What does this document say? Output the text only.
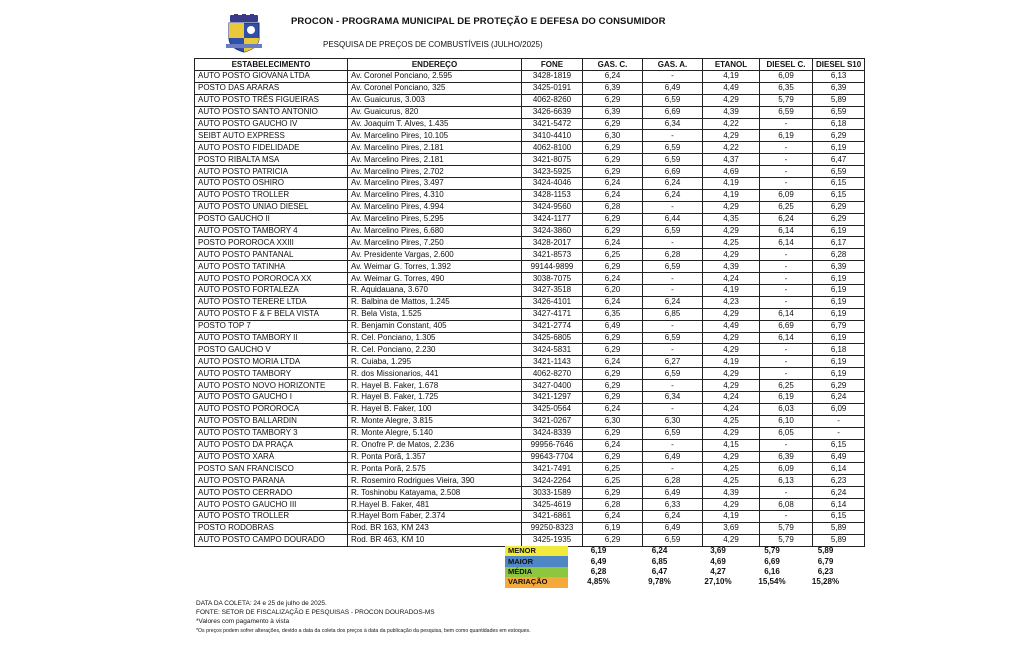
PROCON - PROGRAMA MUNICIPAL DE PROTEÇÃO E DEFESA DO CONSUMIDOR
PESQUISA DE PREÇOS DE COMBUSTÍVEIS (JULHO/2025)
ESTABELECIMENTO	ENDEREÇO	FONE	GAS. C.	GAS. A.	ETANOL	DIESEL C.	DIESEL S10
AUTO POSTO GIOVANA LTDA	Av. Coronel Ponciano, 2.595	3428-1819	6,24	-	4,19	6,09	6,13
POSTO DAS ARARAS	Av. Coronel Ponciano, 325	3425-0191	6,39	6,49	4,49	6,35	6,39
AUTO POSTO TRÊS FIGUEIRAS	Av. Guaicurus, 3.003	4062-8260	6,29	6,59	4,29	5,79	5,89
AUTO POSTO SANTO ANTONIO	Av. Guaicurus, 820	3426-6639	6,39	6,69	4,39	6,59	6,59
AUTO POSTO GAUCHO IV	Av. Joaquim T. Alves, 1.435	3421-5472	6,29	6,34	4,22	-	6,18
SEIBT AUTO EXPRESS	Av. Marcelino Pires, 10.105	3410-4410	6,30	-	4,29	6,19	6,29
AUTO POSTO FIDELIDADE	Av. Marcelino Pires, 2.181	4062-8100	6,29	6,59	4,22	-	6,19
POSTO RIBALTA MSA	Av. Marcelino Pires, 2.181	3421-8075	6,29	6,59	4,37	-	6,47
AUTO POSTO PATRICIA	Av. Marcelino Pires, 2.702	3423-5925	6,29	6,69	4,69	-	6,59
AUTO POSTO OSHIRO	Av. Marcelino Pires, 3.497	3424-4046	6,24	6,24	4,19	-	6,15
AUTO POSTO TROLLER	Av. Marcelino Pires, 4.310	3428-1153	6,24	6,24	4,19	6,09	6,15
AUTO POSTO UNIAO DIESEL	Av. Marcelino Pires, 4.994	3424-9560	6,28	-	4,29	6,25	6,29
POSTO GAUCHO II	Av. Marcelino Pires, 5.295	3424-1177	6,29	6,44	4,35	6,24	6,29
AUTO POSTO TAMBORY 4	Av. Marcelino Pires, 6.680	3424-3860	6,29	6,59	4,29	6,14	6,19
POSTO POROROCA XXIII	Av. Marcelino Pires, 7.250	3428-2017	6,24	-	4,25	6,14	6,17
AUTO POSTO PANTANAL	Av. Presidente Vargas, 2.600	3421-8573	6,25	6,28	4,29	-	6,28
AUTO POSTO TATINHA	Av. Weimar G. Torres, 1.392	99144-9899	6,29	6,59	4,39	-	6,39
AUTO POSTO POROROCA XX	Av. Weimar G. Torres, 490	3038-7075	6,24	-	4,24	-	6,19
AUTO POSTO FORTALEZA	R. Aquidauana, 3.670	3427-3518	6,20	-	4,19	-	6,19
AUTO POSTO TERERE LTDA	R. Balbina de Mattos, 1.245	3426-4101	6,24	6,24	4,23	-	6,19
AUTO POSTO F & F BELA VISTA	R. Bela Vista, 1.525	3427-4171	6,35	6,85	4,29	6,14	6,19
POSTO TOP 7	R. Benjamin Constant, 405	3421-2774	6,49	-	4,49	6,69	6,79
AUTO POSTO TAMBORY II	R. Cel. Ponciano, 1.305	3425-6805	6,29	6,59	4,29	6,14	6,19
POSTO GAUCHO V	R. Cel. Ponciano, 2.230	3424-5831	6,29	-	4,29	-	6,18
AUTO POSTO MORIA LTDA	R. Cuiaba, 1.295	3421-1143	6,24	6,27	4,19	-	6,19
AUTO POSTO TAMBORY	R. dos Missionarios, 441	4062-8270	6,29	6,59	4,29	-	6,19
AUTO POSTO NOVO HORIZONTE	R. Hayel B. Faker, 1.678	3427-0400	6,29	-	4,29	6,25	6,29
AUTO POSTO GAUCHO I	R. Hayel B. Faker, 1.725	3421-1297	6,29	6,34	4,24	6,19	6,24
AUTO POSTO POROROCA	R. Hayel B. Faker, 100	3425-0564	6,24	-	4,24	6,03	6,09
AUTO POSTO BALLARDIN	R. Monte Alegre, 3.815	3421-0267	6,30	6,30	4,25	6,10	-
AUTO POSTO TAMBORY 3	R. Monte Alegre, 5.140	3424-8339	6,29	6,59	4,29	6,05	-
AUTO POSTO DA PRAÇA	R. Onofre P. de Matos, 2.236	99956-7646	6,24	-	4,15	-	6,15
AUTO POSTO XARÁ	R. Ponta Porã, 1.357	99643-7704	6,29	6,49	4,29	6,39	6,49
POSTO SAN FRANCISCO	R. Ponta Porã, 2.575	3421-7491	6,25	-	4,25	6,09	6,14
AUTO POSTO PARANA	R. Rosemiro Rodrigues Vieira, 390	3424-2264	6,25	6,28	4,25	6,13	6,23
AUTO POSTO CERRADO	R. Toshinobu Katayama, 2.508	3033-1589	6,29	6,49	4,39	-	6,24
AUTO POSTO GAUCHO III	R.Hayel B. Faker, 481	3425-4619	6,28	6,33	4,29	6,08	6,14
AUTO POSTO TROLLER	R.Hayel Bom Faber, 2.374	3421-6861	6,24	6,24	4,19	-	6,15
POSTO RODOBRAS	Rod. BR 163, KM 243	99250-8323	6,19	6,49	3,69	5,79	5,89
AUTO POSTO CAMPO DOURADO	Rod. BR 463, KM 10	3425-1935	6,29	6,59	4,29	5,79	5,89
MENOR	6,19	6,24	3,69	5,79	5,89
MAIOR	6,49	6,85	4,69	6,69	6,79
MÉDIA	6,28	6,47	4,27	6,16	6,23
VARIAÇÃO	4,85%	9,78%	27,10%	15,54%	15,28%
DATA DA COLETA: 24 e 25 de julho de 2025.
FONTE: SETOR DE FISCALIZAÇÃO E PESQUISAS - PROCON DOURADOS-MS
*Valores com pagamento à vista
*Os preços podem sofrer alterações, devido a data da coleta dos preços à data da publicação da pesquisa, bem como quantidades em estoques.
